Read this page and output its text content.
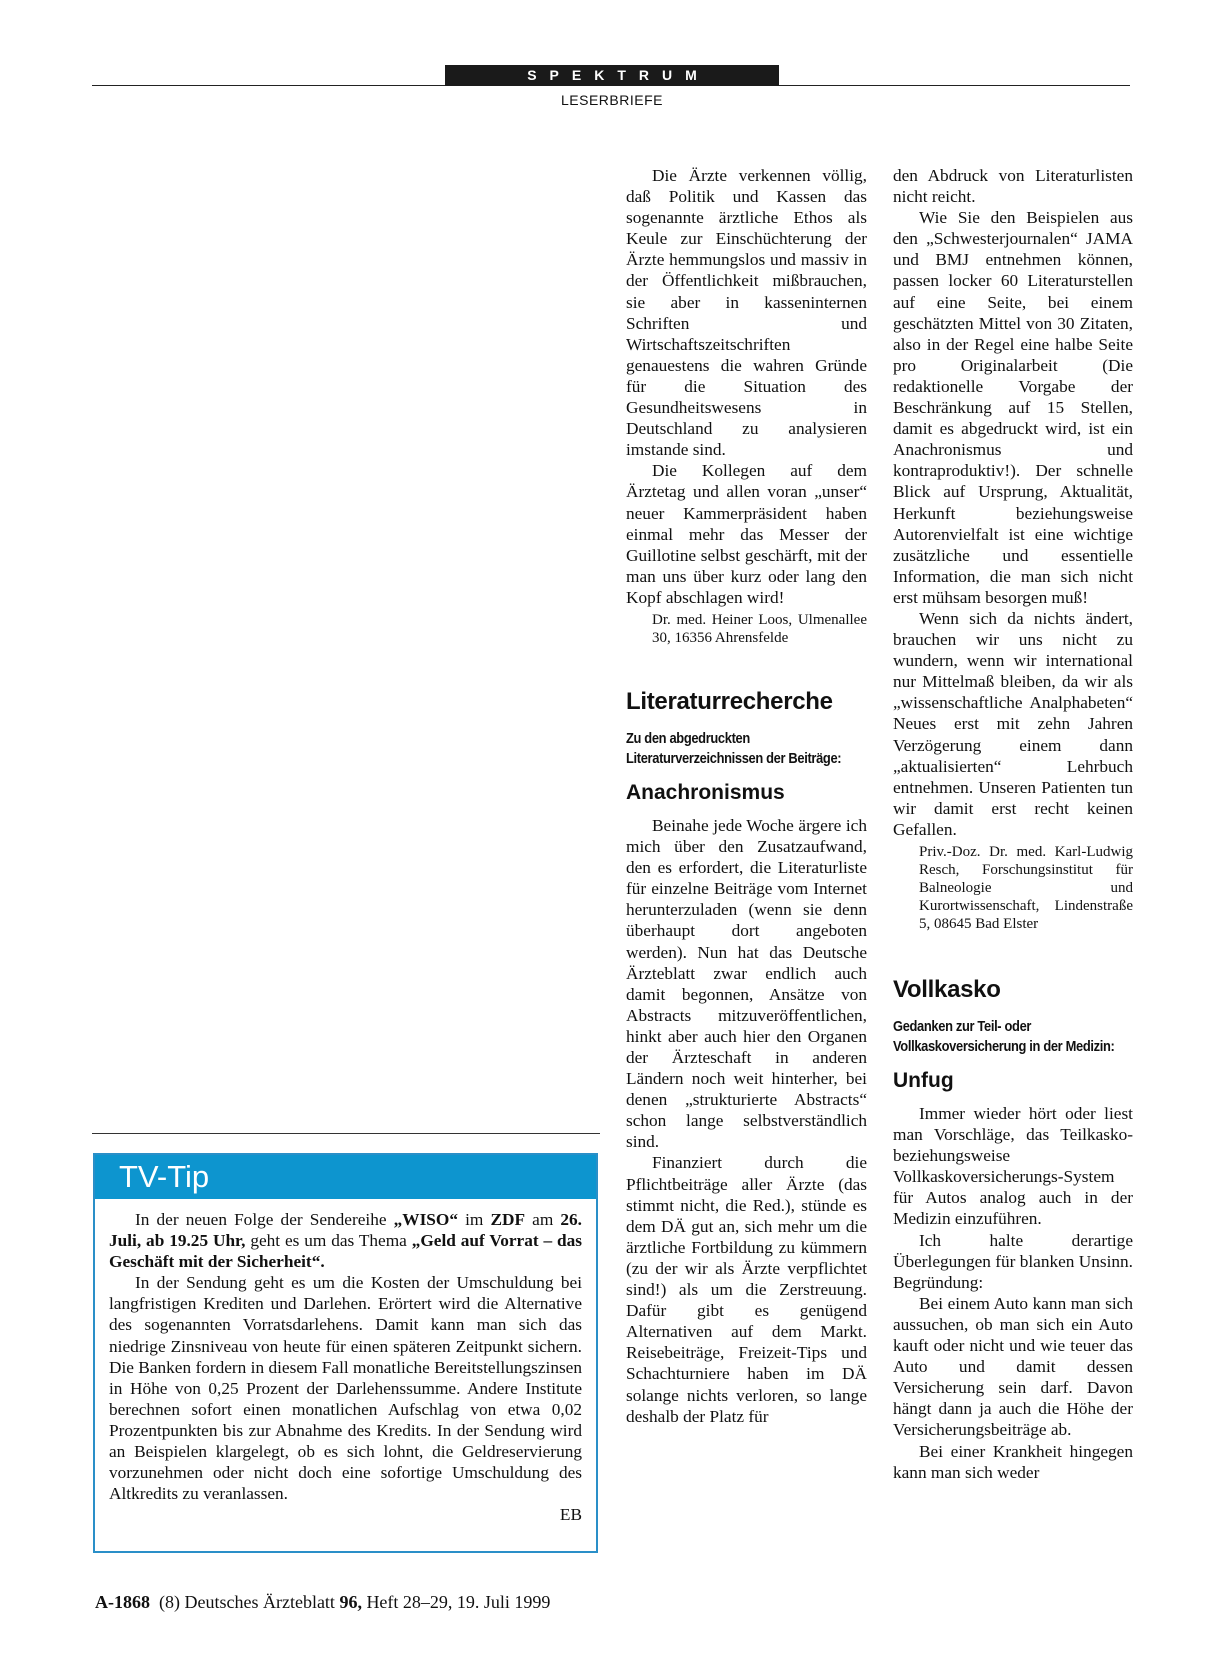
SPEKTRUM
LESERBRIEFE

Die Ärzte verkennen völlig, daß Politik und Kassen das sogenannte ärztliche Ethos als Keule zur Einschüchterung der Ärzte hemmungslos und massiv in der Öffentlichkeit mißbrauchen, sie aber in kasseninternen Schriften und Wirtschaftszeitschriften genauestens die wahren Gründe für die Situation des Gesundheitswesens in Deutschland zu analysieren imstande sind.

Die Kollegen auf dem Ärztetag und allen voran „unser“ neuer Kammerpräsident haben einmal mehr das Messer der Guillotine selbst geschärft, mit der man uns über kurz oder lang den Kopf abschlagen wird!

Dr. med. Heiner Loos, Ulmenallee 30, 16356 Ahrensfelde

Literaturrecherche

Zu den abgedruckten Literaturverzeichnissen der Beiträge:

Anachronismus

Beinahe jede Woche ärgere ich mich über den Zusatzaufwand, den es erfordert, die Literaturliste für einzelne Beiträge vom Internet herunterzuladen (wenn sie denn überhaupt dort angeboten werden). Nun hat das Deutsche Ärzteblatt zwar endlich auch damit begonnen, Ansätze von Abstracts mitzuveröffentlichen, hinkt aber auch hier den Organen der Ärzteschaft in anderen Ländern noch weit hinterher, bei denen „strukturierte Abstracts“ schon lange selbstverständlich sind.

Finanziert durch die Pflichtbeiträge aller Ärzte (das stimmt nicht, die Red.), stünde es dem DÄ gut an, sich mehr um die ärztliche Fortbildung zu kümmern (zu der wir als Ärzte verpflichtet sind!) als um die Zerstreuung. Dafür gibt es genügend Alternativen auf dem Markt. Reisebeiträge, Freizeit-Tips und Schachturniere haben im DÄ solange nichts verloren, so lange deshalb der Platz für

den Abdruck von Literaturlisten nicht reicht.

Wie Sie den Beispielen aus den „Schwesterjournalen“ JAMA und BMJ entnehmen können, passen locker 60 Literaturstellen auf eine Seite, bei einem geschätzten Mittel von 30 Zitaten, also in der Regel eine halbe Seite pro Originalarbeit (Die redaktionelle Vorgabe der Beschränkung auf 15 Stellen, damit es abgedruckt wird, ist ein Anachronismus und kontraproduktiv!). Der schnelle Blick auf Ursprung, Aktualität, Herkunft beziehungsweise Autorenvielfalt ist eine wichtige zusätzliche und essentielle Information, die man sich nicht erst mühsam besorgen muß!

Wenn sich da nichts ändert, brauchen wir uns nicht zu wundern, wenn wir international nur Mittelmaß bleiben, da wir als „wissenschaftliche Analphabeten“ Neues erst mit zehn Jahren Verzögerung einem dann „aktualisierten“ Lehrbuch entnehmen. Unseren Patienten tun wir damit erst recht keinen Gefallen.

Priv.-Doz. Dr. med. Karl-Ludwig Resch, Forschungsinstitut für Balneologie und Kurortwissenschaft, Lindenstraße 5, 08645 Bad Elster

Vollkasko

Gedanken zur Teil- oder Vollkaskoversicherung in der Medizin:

Unfug

Immer wieder hört oder liest man Vorschläge, das Teilkasko- beziehungsweise Vollkaskoversicherungs-System für Autos analog auch in der Medizin einzuführen.

Ich halte derartige Überlegungen für blanken Unsinn. Begründung:

Bei einem Auto kann man sich aussuchen, ob man sich ein Auto kauft oder nicht und wie teuer das Auto und damit dessen Versicherung sein darf. Davon hängt dann ja auch die Höhe der Versicherungsbeiträge ab.

Bei einer Krankheit hingegen kann man sich weder

TV-Tip

In der neuen Folge der Sendereihe „WISO“ im ZDF am 26. Juli, ab 19.25 Uhr, geht es um das Thema „Geld auf Vorrat – das Geschäft mit der Sicherheit“.

In der Sendung geht es um die Kosten der Umschuldung bei langfristigen Krediten und Darlehen. Erörtert wird die Alternative des sogenannten Vorratsdarlehens. Damit kann man sich das niedrige Zinsniveau von heute für einen späteren Zeitpunkt sichern. Die Banken fordern in diesem Fall monatliche Bereitstellungszinsen in Höhe von 0,25 Prozent der Darlehenssumme. Andere Institute berechnen sofort einen monatlichen Aufschlag von etwa 0,02 Prozentpunkten bis zur Abnahme des Kredits. In der Sendung wird an Beispielen klargelegt, ob es sich lohnt, die Geldreservierung vorzunehmen oder nicht doch eine sofortige Umschuldung des Altkredits zu veranlassen.

EB
A-1868 (8) Deutsches Ärzteblatt 96, Heft 28–29, 19. Juli 1999
